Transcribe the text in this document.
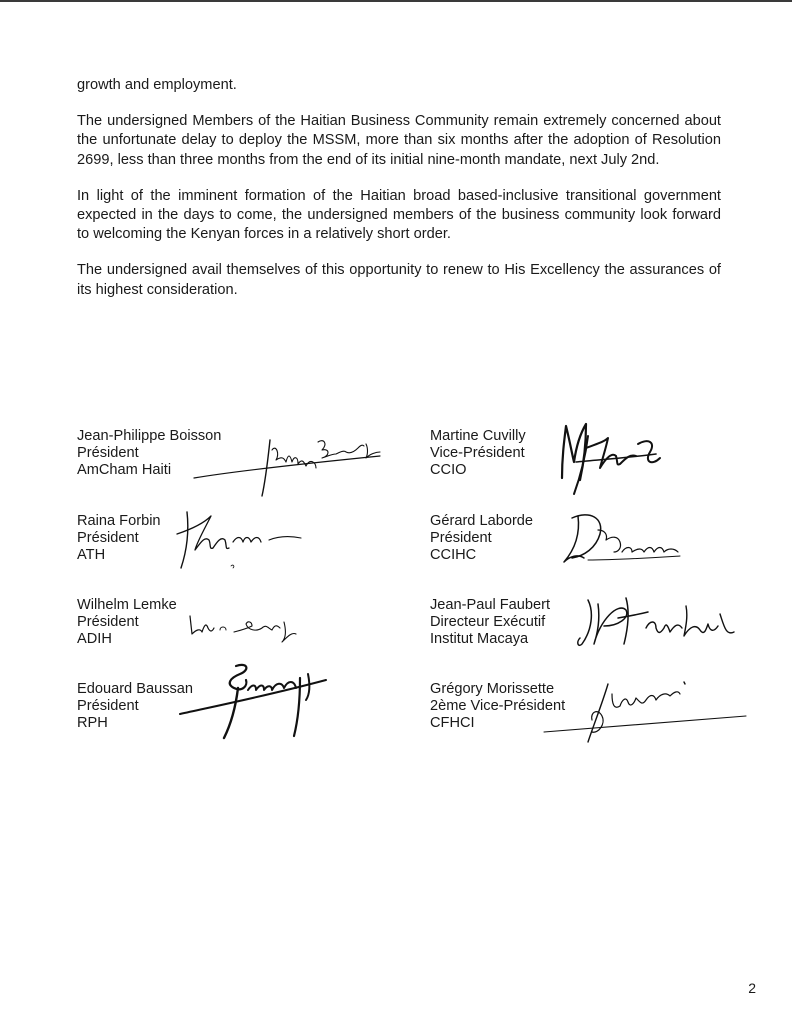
growth and employment.

The undersigned Members of the Haitian Business Community remain extremely concerned about the unfortunate delay to deploy the MSSM, more than six months after the adoption of Resolution 2699, less than three months from the end of its initial nine-month mandate, next July 2nd.

In light of the imminent formation of the Haitian broad based-inclusive transitional government expected in the days to come, the undersigned members of the business community look forward to welcoming the Kenyan forces in a relatively short order.

The undersigned avail themselves of this opportunity to renew to His Excellency the assurances of its highest consideration.

Jean-Philippe Boisson
Président
AmCham Haiti
Raina Forbin
Président
ATH
Wilhelm Lemke
Président
ADIH
Edouard Baussan
Président
RPH
Martine Cuvilly
Vice-Président
CCIO
Gérard Laborde
Président
CCIHC
Jean-Paul Faubert
Directeur Exécutif
Institut Macaya
Grégory Morissette
2ème Vice-Président
CFHCI
2
